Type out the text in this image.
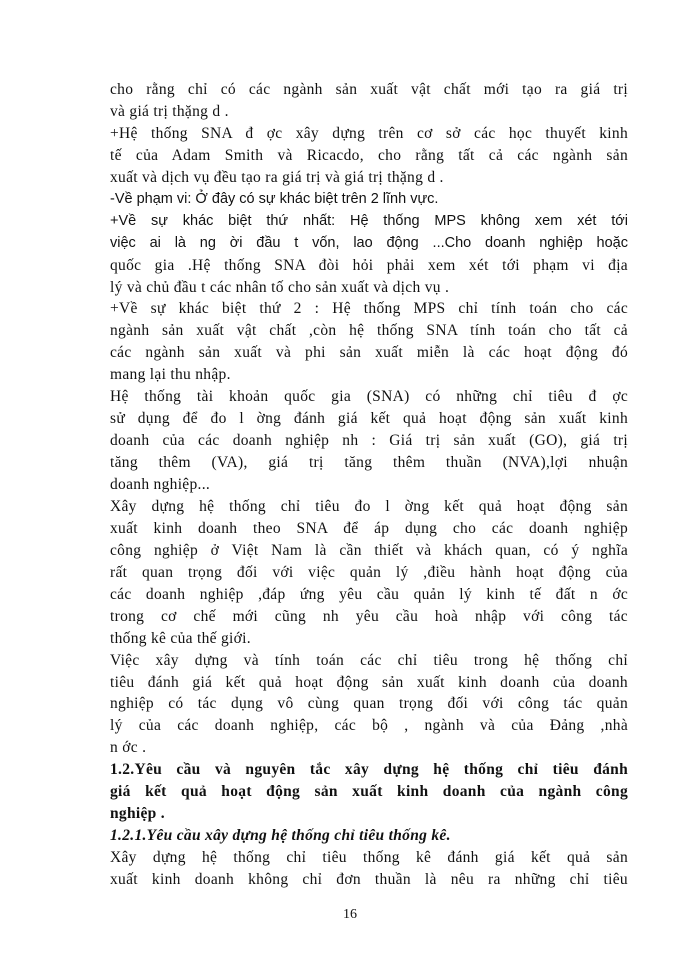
cho rằng chỉ có các ngành sản xuất vật chất mới tạo ra giá trị
và giá trị thặng d .
+Hệ thống SNA đ ợc xây dựng trên cơ sở các học thuyết kinh
tế của Adam Smith và Ricacdo, cho rằng tất cả các ngành sản
xuất và dịch vụ đều tạo ra giá trị và giá trị thặng d .
-Về phạm vi: Ở đây có sự khác biệt trên 2 lĩnh vực.
+Về sự khác biệt thứ nhất: Hệ thống MPS không xem xét tới
việc ai là ng ời đầu t vốn, lao động ...Cho doanh nghiệp hoặc
quốc gia .Hệ thống SNA đòi hỏi phải xem xét tới phạm vi địa
lý và chủ đầu t các nhân tố cho sản xuất và dịch vụ .
+Về sự khác biệt thứ 2 : Hệ thống MPS chỉ tính toán cho các
ngành sản xuất vật chất ,còn hệ thống SNA tính toán cho tất cả
các ngành sản xuất và phi sản xuất miễn là các hoạt động đó
mang lại thu nhập.
Hệ thống tài khoản quốc gia (SNA) có những chỉ tiêu đ ợc
sử dụng để đo l ờng đánh giá kết quả hoạt động sản xuất kinh
doanh của các doanh nghiệp nh : Giá trị sản xuất (GO), giá trị
tăng thêm (VA), giá trị tăng thêm thuần (NVA),lợi nhuận
doanh nghiệp...
Xây dựng hệ thống chỉ tiêu đo l ờng kết quả hoạt động sản
xuất kinh doanh theo SNA để áp dụng cho các doanh nghiệp
công nghiệp ở Việt Nam là cần thiết và khách quan, có ý nghĩa
rất quan trọng đối với việc quản lý ,điều hành hoạt động của
các doanh nghiệp ,đáp ứng yêu cầu quản lý kinh tế đất n ớc
trong cơ chế mới cũng nh yêu cầu hoà nhập với công tác
thống kê của thế giới.
Việc xây dựng và tính toán các chỉ tiêu trong hệ thống chỉ
tiêu đánh giá kết quả hoạt động sản xuất kinh doanh của doanh
nghiệp có tác dụng vô cùng quan trọng đối với công tác quản
lý của các doanh nghiệp, các bộ , ngành và của Đảng ,nhà
n ớc .
1.2.Yêu cầu và nguyên tắc xây dựng hệ thống chỉ tiêu đánh
giá kết quả hoạt động sản xuất kinh doanh của ngành công
nghiệp .
1.2.1.Yêu cầu xây dựng hệ thống chỉ tiêu thống kê.
Xây dựng hệ thống chỉ tiêu thống kê đánh giá kết quả sản
xuất kinh doanh không chỉ đơn thuần là nêu ra những chỉ tiêu
16
